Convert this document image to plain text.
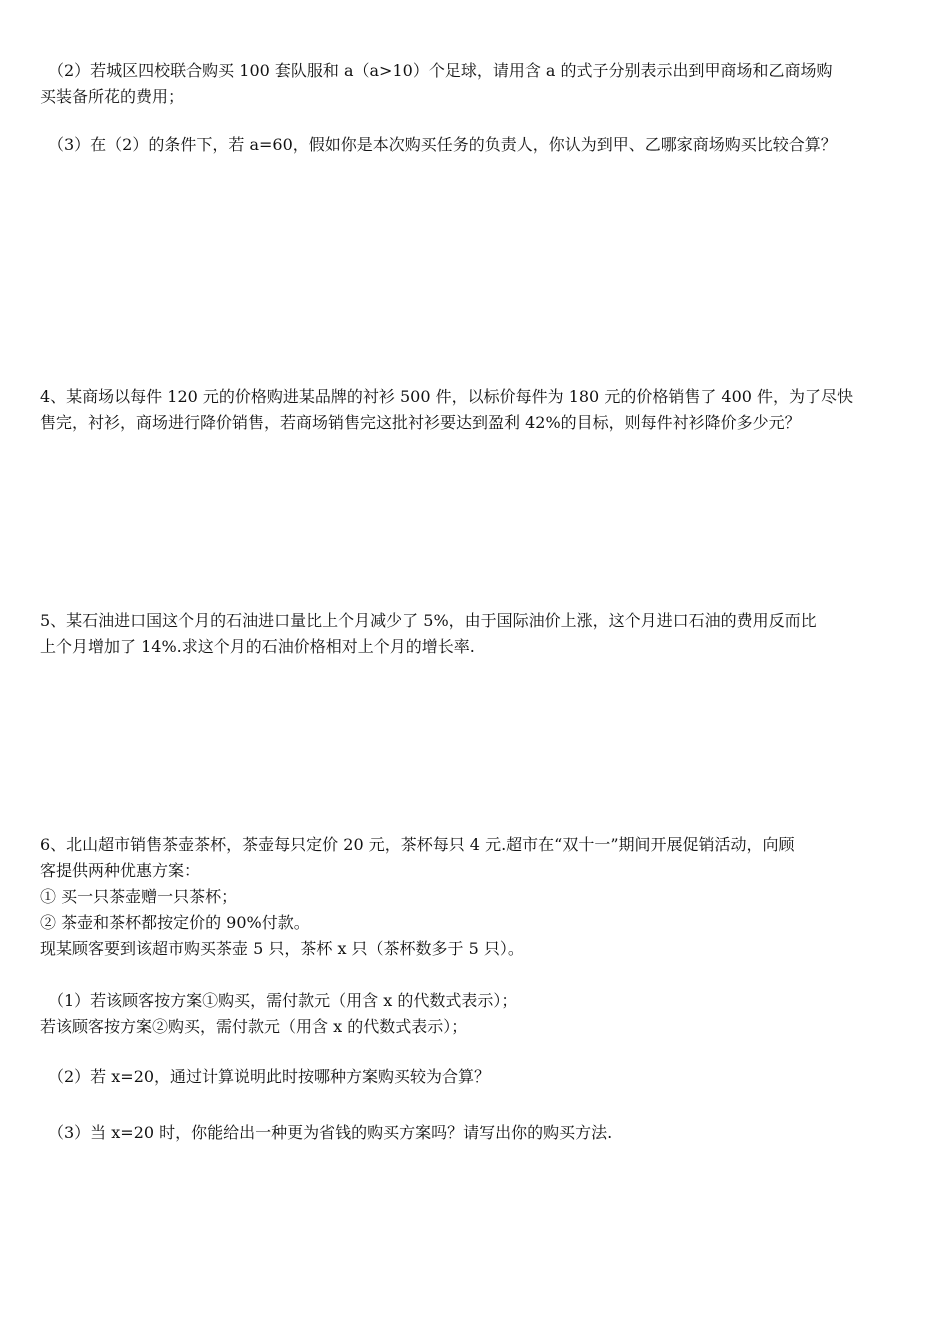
（2）若城区四校联合购买 100 套队服和 a（a>10）个足球，请用含 a 的式子分别表示出到甲商场和乙商场购
买装备所花的费用；
（3）在（2）的条件下，若 a=60，假如你是本次购买任务的负责人，你认为到甲、乙哪家商场购买比较合算？
4、某商场以每件 120 元的价格购进某品牌的衬衫 500 件，以标价每件为 180 元的价格销售了 400 件，为了尽快
售完，衬衫，商场进行降价销售，若商场销售完这批衬衫要达到盈利 42%的目标，则每件衬衫降价多少元？
5、某石油进口国这个月的石油进口量比上个月减少了 5%，由于国际油价上涨，这个月进口石油的费用反而比
上个月增加了 14%.求这个月的石油价格相对上个月的增长率.
6、北山超市销售茶壶茶杯，茶壶每只定价 20 元，茶杯每只 4 元.超市在“双十一”期间开展促销活动，向顾
客提供两种优惠方案：
① 买一只茶壶赠一只茶杯；
② 茶壶和茶杯都按定价的 90%付款。
现某顾客要到该超市购买茶壶 5 只，茶杯 x 只（茶杯数多于 5 只）。
（1）若该顾客按方案①购买，需付款元（用含 x 的代数式表示）；
若该顾客按方案②购买，需付款元（用含 x 的代数式表示）；
（2）若 x=20，通过计算说明此时按哪种方案购买较为合算？
（3）当 x=20 时，你能给出一种更为省钱的购买方案吗？请写出你的购买方法.
